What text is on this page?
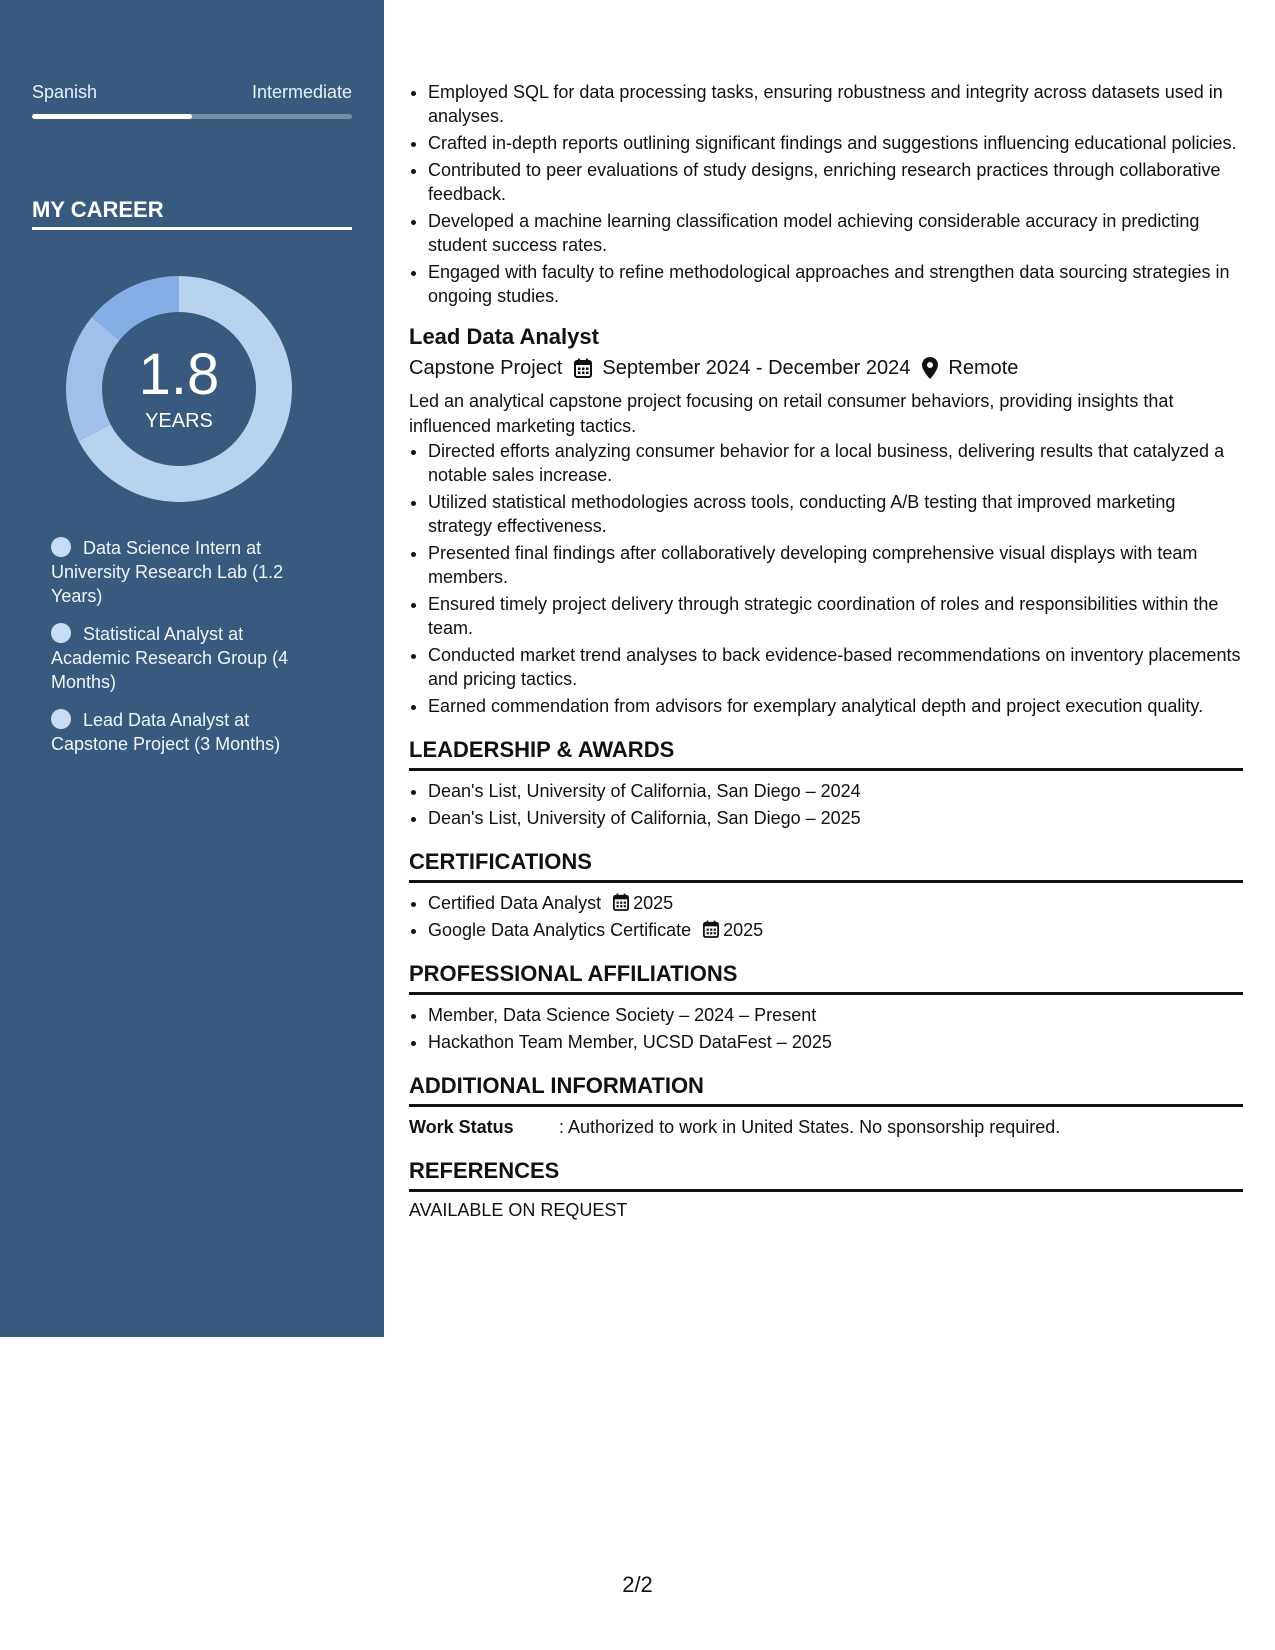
Spanish	Intermediate
MY CAREER
1.8
YEARS
Data Science Intern at University Research Lab (1.2 Years)
Statistical Analyst at Academic Research Group (4 Months)
Lead Data Analyst at Capstone Project (3 Months)
• Employed SQL for data processing tasks, ensuring robustness and integrity across datasets used in analyses.
• Crafted in-depth reports outlining significant findings and suggestions influencing educational policies.
• Contributed to peer evaluations of study designs, enriching research practices through collaborative feedback.
• Developed a machine learning classification model achieving considerable accuracy in predicting student success rates.
• Engaged with faculty to refine methodological approaches and strengthen data sourcing strategies in ongoing studies.
Lead Data Analyst
Capstone Project September 2024 - December 2024 Remote
Led an analytical capstone project focusing on retail consumer behaviors, providing insights that influenced marketing tactics.
• Directed efforts analyzing consumer behavior for a local business, delivering results that catalyzed a notable sales increase.
• Utilized statistical methodologies across tools, conducting A/B testing that improved marketing strategy effectiveness.
• Presented final findings after collaboratively developing comprehensive visual displays with team members.
• Ensured timely project delivery through strategic coordination of roles and responsibilities within the team.
• Conducted market trend analyses to back evidence-based recommendations on inventory placements and pricing tactics.
• Earned commendation from advisors for exemplary analytical depth and project execution quality.
LEADERSHIP & AWARDS
• Dean's List, University of California, San Diego – 2024
• Dean's List, University of California, San Diego – 2025
CERTIFICATIONS
• Certified Data Analyst 2025
• Google Data Analytics Certificate 2025
PROFESSIONAL AFFILIATIONS
• Member, Data Science Society – 2024 – Present
• Hackathon Team Member, UCSD DataFest – 2025
ADDITIONAL INFORMATION
Work Status	: Authorized to work in United States. No sponsorship required.
REFERENCES
AVAILABLE ON REQUEST
2/2
